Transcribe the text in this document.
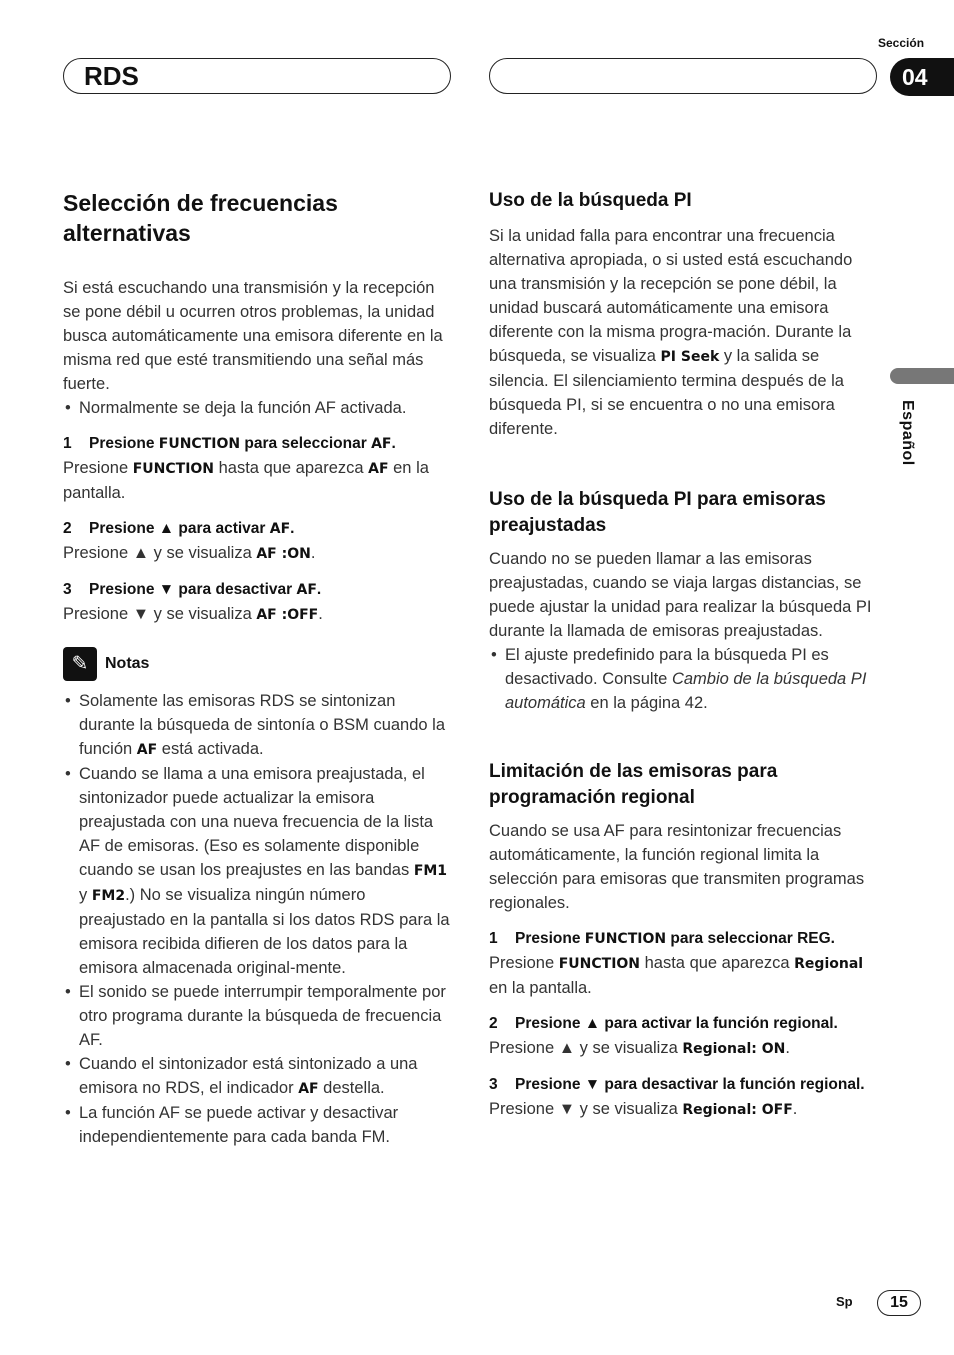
RDS
Sección
04
Español
Selección de frecuencias alternativas

Si está escuchando una transmisión y la recepción se pone débil u ocurren otros problemas, la unidad busca automáticamente una emisora diferente en la misma red que esté transmitiendo una señal más fuerte.

• Normalmente se deja la función AF activada.

1 Presione FUNCTION para seleccionar AF.

Presione FUNCTION hasta que aparezca AF en la pantalla.

2 Presione ▲ para activar AF.

Presione ▲ y se visualiza AF :ON.

3 Presione ▼ para desactivar AF.

Presione ▼ y se visualiza AF :OFF.

✎	Notas

• Solamente las emisoras RDS se sintonizan durante la búsqueda de sintonía o BSM cuando la función AF está activada.

• Cuando se llama a una emisora preajustada, el sintonizador puede actualizar la emisora preajustada con una nueva frecuencia de la lista AF de emisoras. (Eso es solamente disponible cuando se usan los preajustes en las bandas FM1 y FM2.) No se visualiza ningún número preajustado en la pantalla si los datos RDS para la emisora recibida difieren de los datos para la emisora almacenada original-mente.

• El sonido se puede interrumpir temporalmente por otro programa durante la búsqueda de frecuencia AF.

• Cuando el sintonizador está sintonizado a una emisora no RDS, el indicador AF destella.

• La función AF se puede activar y desactivar independientemente para cada banda FM.

Uso de la búsqueda PI

Si la unidad falla para encontrar una frecuencia alternativa apropiada, o si usted está escuchando una transmisión y la recepción se pone débil, la unidad buscará automáticamente una emisora diferente con la misma progra-mación. Durante la búsqueda, se visualiza PI Seek y la salida se silencia. El silenciamiento termina después de la búsqueda PI, si se encuentra o no una emisora diferente.

Uso de la búsqueda PI para emisoras preajustadas

Cuando no se pueden llamar a las emisoras preajustadas, cuando se viaja largas distancias, se puede ajustar la unidad para realizar la búsqueda PI durante la llamada de emisoras preajustadas.

• El ajuste predefinido para la búsqueda PI es desactivado. Consulte Cambio de la búsqueda PI automática en la página 42.

Limitación de las emisoras para programación regional

Cuando se usa AF para resintonizar frecuencias automáticamente, la función regional limita la selección para emisoras que transmiten programas regionales.

1 Presione FUNCTION para seleccionar REG.

Presione FUNCTION hasta que aparezca Regional en la pantalla.

2 Presione ▲ para activar la función regional.

Presione ▲ y se visualiza Regional: ON.

3 Presione ▼ para desactivar la función regional.

Presione ▼ y se visualiza Regional: OFF.

Sp	15
